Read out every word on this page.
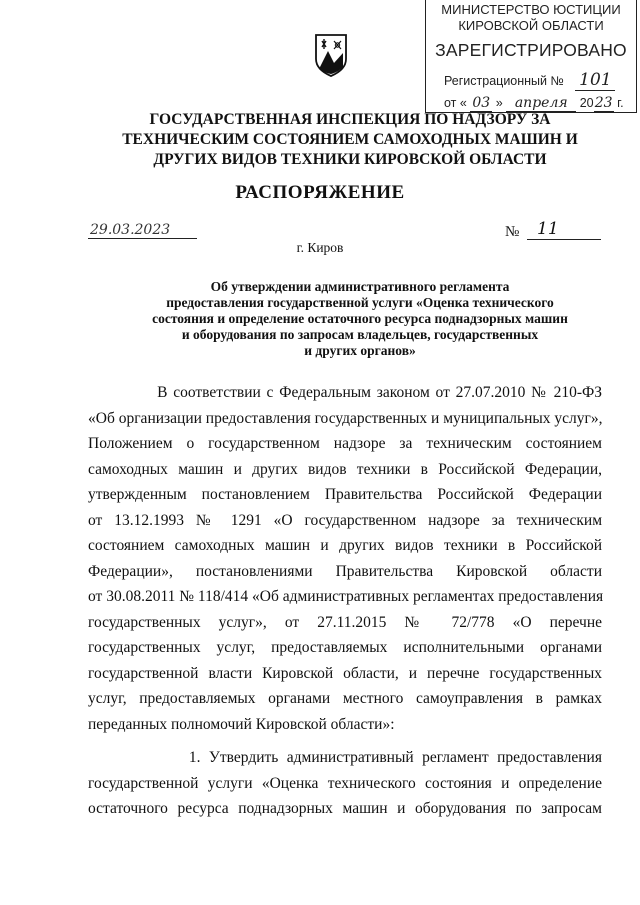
МИНИСТЕРСТВО ЮСТИЦИИ
КИРОВСКОЙ ОБЛАСТИ
ЗАРЕГИСТРИРОВАНО
Регистрационный № 101
от « 03 » апреля 2023 г.
ГОСУДАРСТВЕННАЯ ИНСПЕКЦИЯ ПО НАДЗОРУ ЗА
ТЕХНИЧЕСКИМ СОСТОЯНИЕМ САМОХОДНЫХ МАШИН И
ДРУГИХ ВИДОВ ТЕХНИКИ КИРОВСКОЙ ОБЛАСТИ
РАСПОРЯЖЕНИЕ
29.03.2023	№	11
г. Киров
Об утверждении административного регламента
предоставления государственной услуги «Оценка технического
состояния и определение остаточного ресурса поднадзорных машин
и оборудования по запросам владельцев, государственных
и других органов»
В соответствии с Федеральным законом от 27.07.2010 № 210-ФЗ
«Об организации предоставления государственных и муниципальных услуг»,
Положением о государственном надзоре за техническим состоянием
самоходных машин и других видов техники в Российской Федерации,
утвержденным постановлением Правительства Российской Федерации
от 13.12.1993 № 1291 «О государственном надзоре за техническим
состоянием самоходных машин и других видов техники в Российской
Федерации», постановлениями Правительства Кировской области
от 30.08.2011 № 118/414 «Об административных регламентах предоставления
государственных услуг», от 27.11.2015 № 72/778 «О перечне
государственных услуг, предоставляемых исполнительными органами
государственной власти Кировской области, и перечне государственных
услуг, предоставляемых органами местного самоуправления в рамках
переданных полномочий Кировской области»:
1. Утвердить административный регламент предоставления
государственной услуги «Оценка технического состояния и определение
остаточного ресурса поднадзорных машин и оборудования по запросам
